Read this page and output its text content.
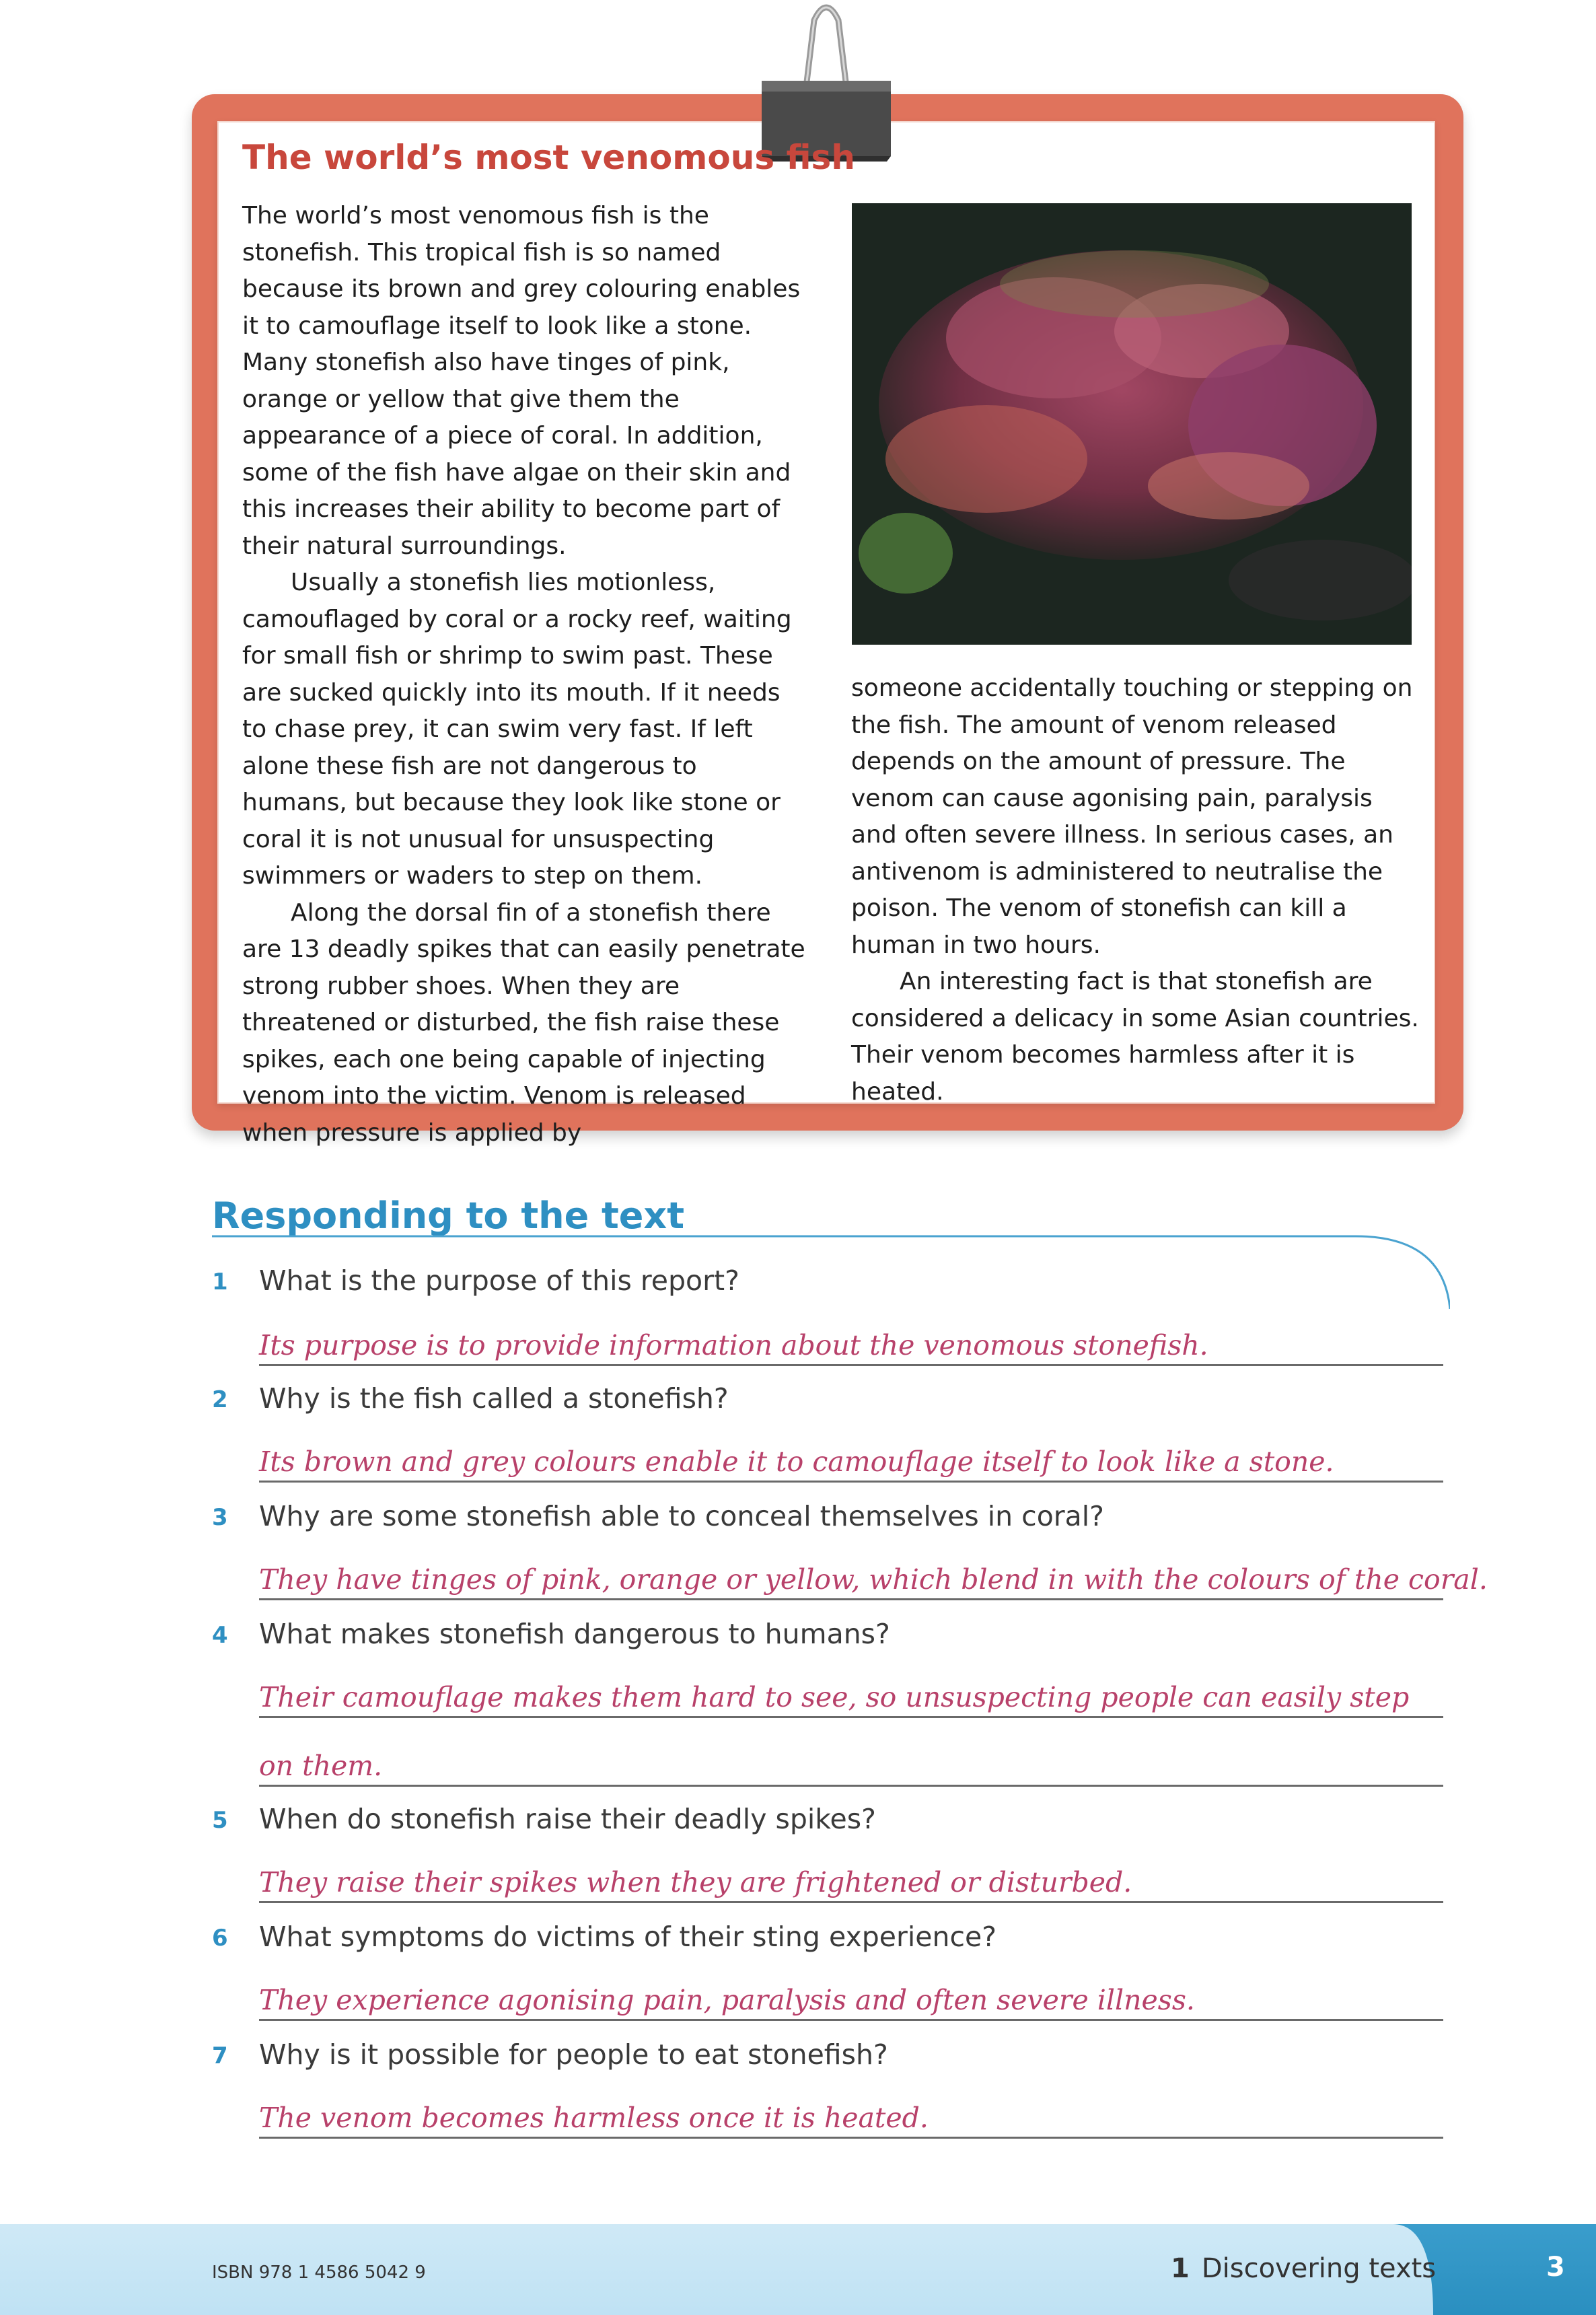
The world’s most venomous fish

The world’s most venomous fish is the stonefish. This tropical fish is so named because its brown and grey colouring enables it to camouflage itself to look like a stone. Many stonefish also have tinges of pink, orange or yellow that give them the appearance of a piece of coral. In addition, some of the fish have algae on their skin and this increases their ability to become part of their natural surroundings.

Usually a stonefish lies motionless, camouflaged by coral or a rocky reef, waiting for small fish or shrimp to swim past. These are sucked quickly into its mouth. If it needs to chase prey, it can swim very fast. If left alone these fish are not dangerous to humans, but because they look like stone or coral it is not unusual for unsuspecting swimmers or waders to step on them.

Along the dorsal fin of a stonefish there are 13 deadly spikes that can easily penetrate strong rubber shoes. When they are threatened or disturbed, the fish raise these spikes, each one being capable of injecting venom into the victim. Venom is released when pressure is applied by

someone accidentally touching or stepping on the fish. The amount of venom released depends on the amount of pressure. The venom can cause agonising pain, paralysis and often severe illness. In serious cases, an antivenom is administered to neutralise the poison. The venom of stonefish can kill a human in two hours.

An interesting fact is that stonefish are considered a delicacy in some Asian countries. Their venom becomes harmless after it is heated.

Responding to the text
1	What is the purpose of this report?
Its purpose is to provide information about the venomous stonefish.
2	Why is the fish called a stonefish?
Its brown and grey colours enable it to camouflage itself to look like a stone.
3	Why are some stonefish able to conceal themselves in coral?
They have tinges of pink, orange or yellow, which blend in with the colours of the coral.
4	What makes stonefish dangerous to humans?
Their camouflage makes them hard to see, so unsuspecting people can easily step
on them.
5	When do stonefish raise their deadly spikes?
They raise their spikes when they are frightened or disturbed.
6	What symptoms do victims of their sting experience?
They experience agonising pain, paralysis and often severe illness.
7	Why is it possible for people to eat stonefish?
The venom becomes harmless once it is heated.
ISBN 978 1 4586 5042 9	1 Discovering texts	3
